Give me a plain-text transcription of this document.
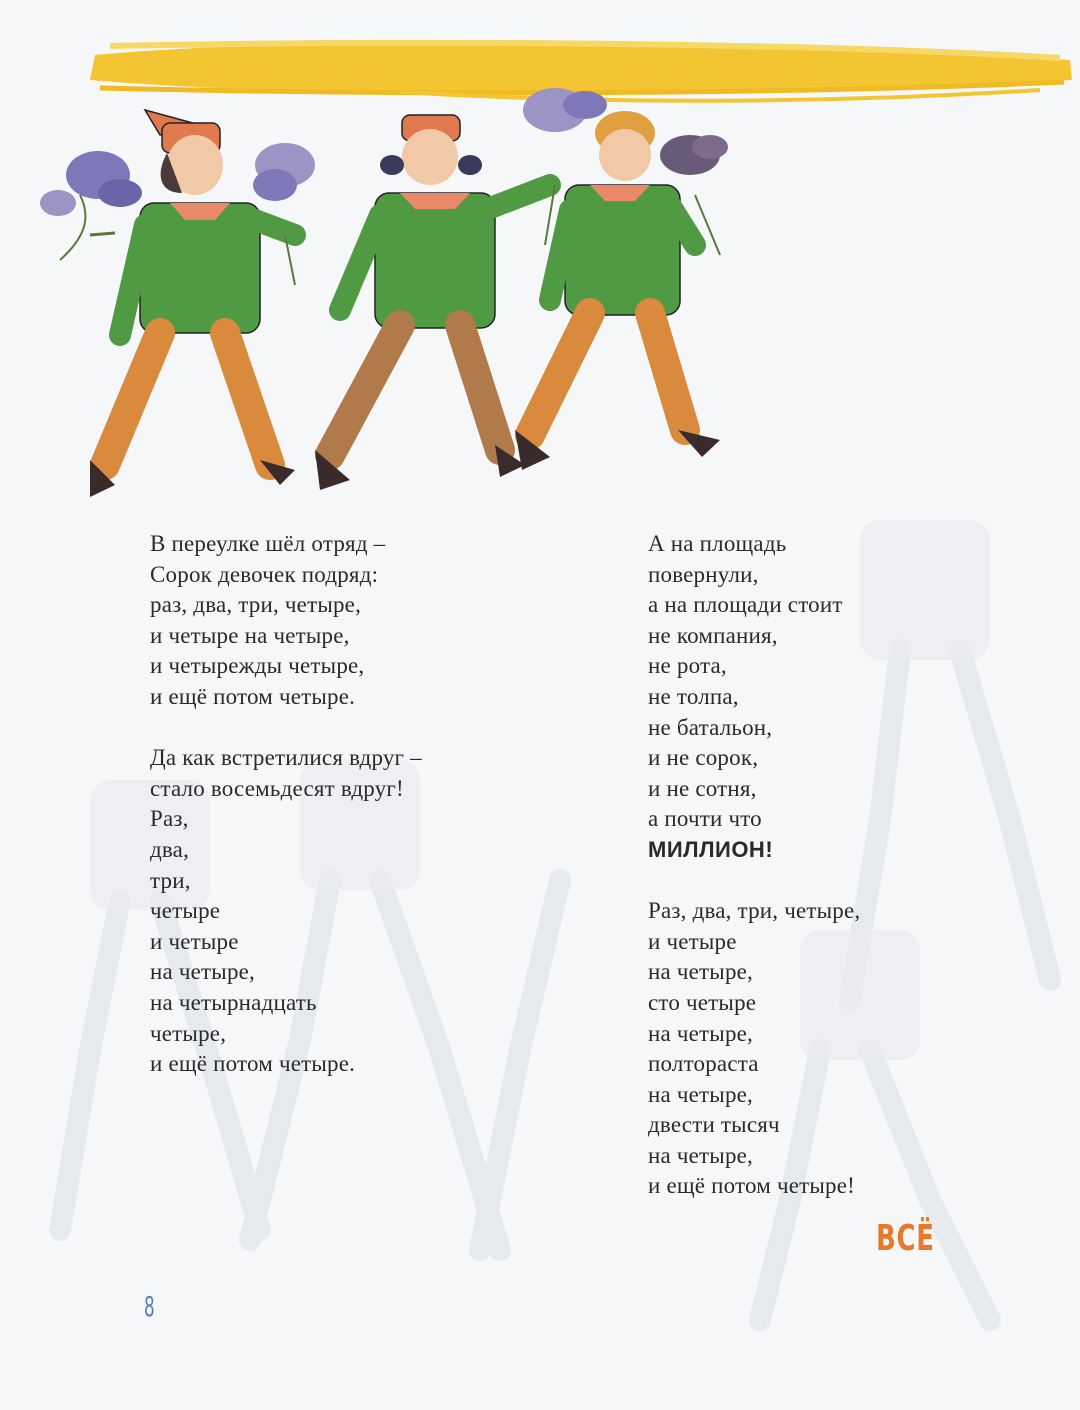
В переулке шёл отряд –
Сорок девочек подряд:
раз, два, три, четыре,
и четыре на четыре,
и четырежды четыре,
и ещё потом четыре.
Да как встретилися вдруг –
стало восемьдесят вдруг!
Раз,
два,
три,
четыре
и четыре
на четыре,
на четырнадцать
четыре,
и ещё потом четыре.
А на площадь
повернули,
а на площади стоит
не компания,
не рота,
не толпа,
не батальон,
и не сорок,
и не сотня,
а почти что
МИЛЛИОН!
Раз, два, три, четыре,
и четыре
на четыре,
сто четыре
на четыре,
полтораста
на четыре,
двести тысяч
на четыре,
и ещё потом четыре!
ВСЁ
8
